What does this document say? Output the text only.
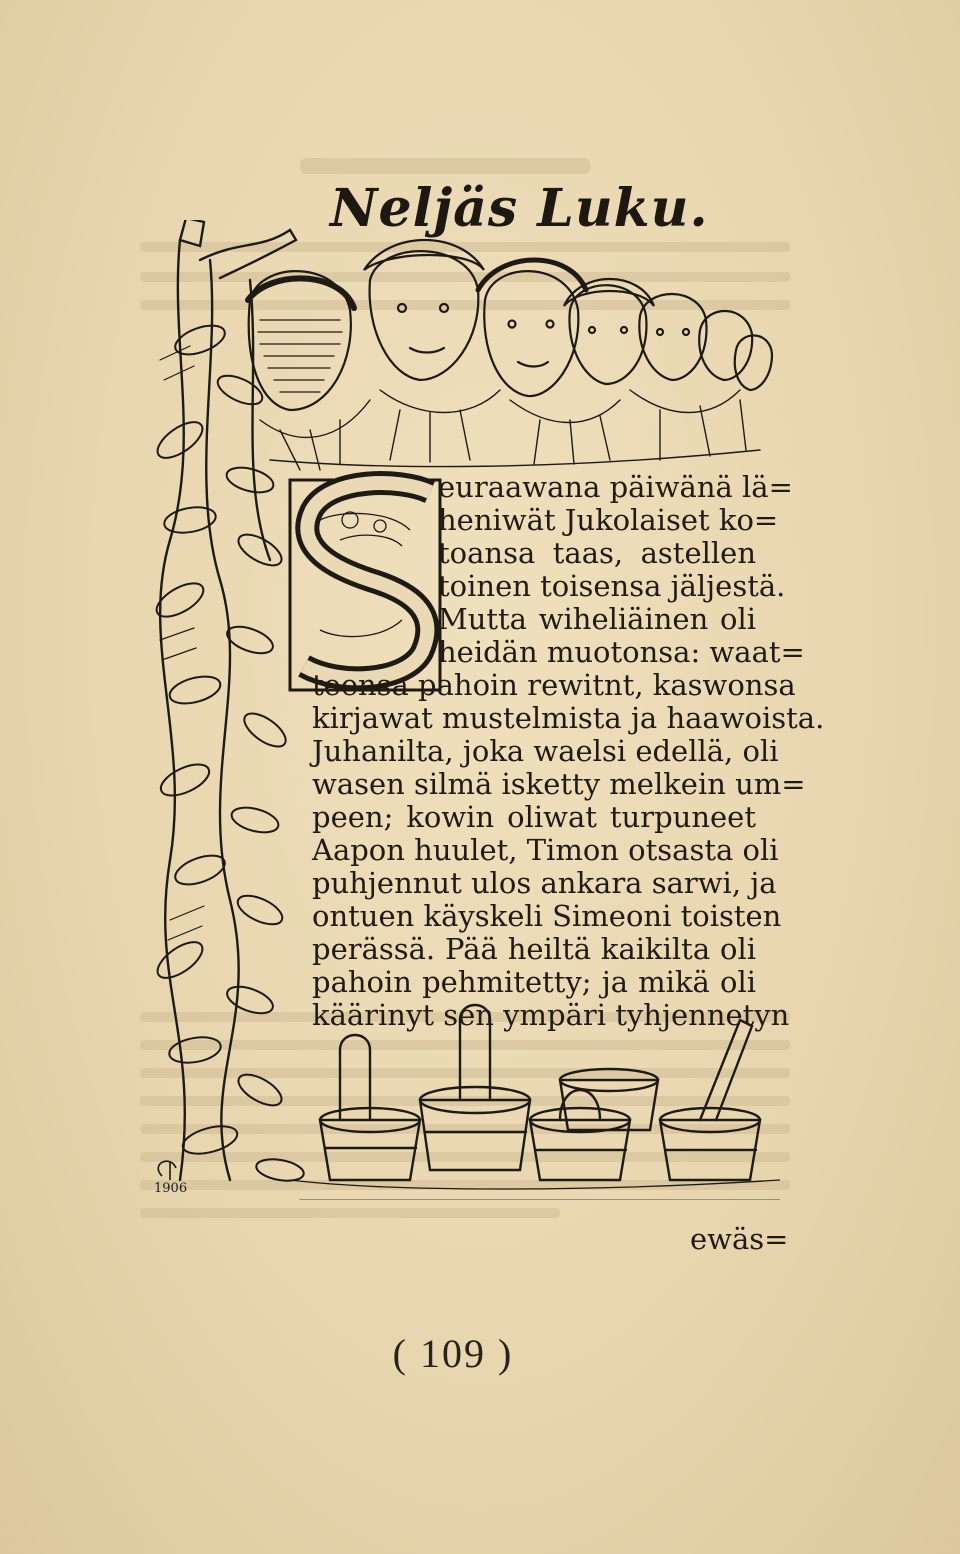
Neljäs Luku.
1906
euraawana päiwänä lä=
heniwät Jukolaiset ko=
toansa taas, astellen
toinen toisensa jäljestä.
Mutta wiheliäinen oli
heidän muotonsa: waat=
teensa pahoin rewitnt, kaswonsa
kirjawat mustelmista ja haawoista.
Juhanilta, joka waelsi edellä, oli
wasen silmä isketty melkein um=
peen; kowin oliwat turpuneet
Aapon huulet, Timon otsasta oli
puhjennut ulos ankara sarwi, ja
ontuen käyskeli Simeoni toisten
perässä. Pää heiltä kaikilta oli
pahoin pehmitetty; ja mikä oli
käärinyt sen ympäri tyhjennetyn
ewäs=
( 109 )
